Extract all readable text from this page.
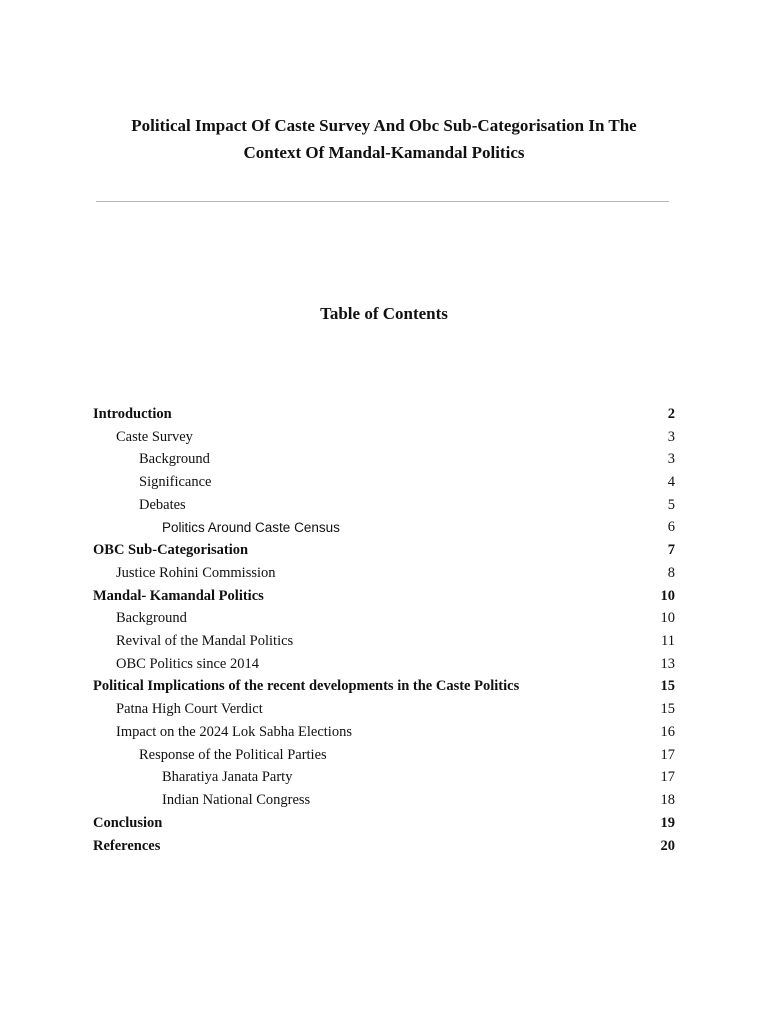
Political Impact Of Caste Survey And Obc Sub-Categorisation In The
Context Of Mandal-Kamandal Politics
Table of Contents
Introduction	2
Caste Survey	3
Background	3
Significance	4
Debates	5
Politics Around Caste Census	6
OBC Sub-Categorisation	7
Justice Rohini Commission	8
Mandal- Kamandal Politics	10
Background	10
Revival of the Mandal Politics	11
OBC Politics since 2014	13
Political Implications of the recent developments in the Caste Politics	15
Patna High Court Verdict	15
Impact on the 2024 Lok Sabha Elections	16
Response of the Political Parties	17
Bharatiya Janata Party	17
Indian National Congress	18
Conclusion	19
References	20
